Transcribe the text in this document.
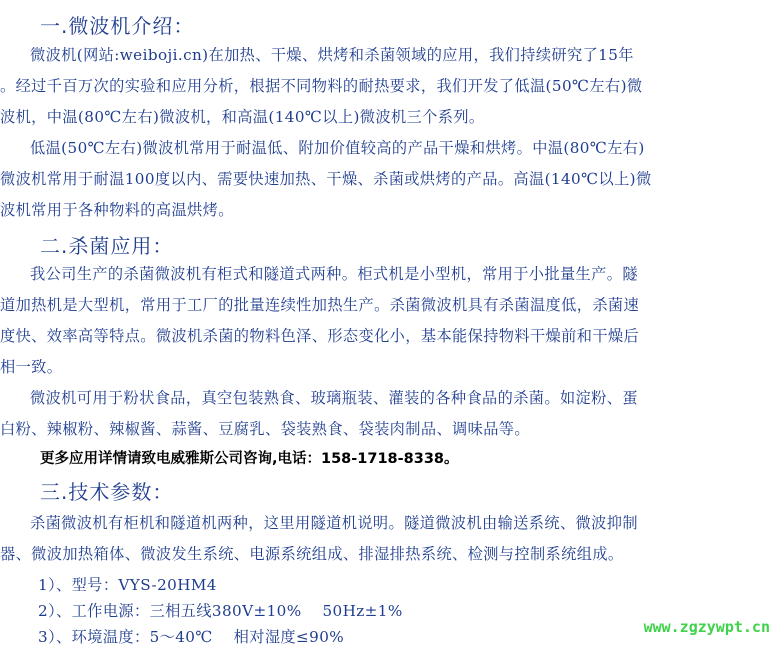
一.微波机介绍：
微波机(网站:weiboji.cn)在加热、干燥、烘烤和杀菌领域的应用，我们持续研究了15年
。经过千百万次的实验和应用分析，根据不同物料的耐热要求，我们开发了低温(50℃左右)微
波机，中温(80℃左右)微波机，和高温(140℃以上)微波机三个系列。
低温(50℃左右)微波机常用于耐温低、附加价值较高的产品干燥和烘烤。中温(80℃左右)
微波机常用于耐温100度以内、需要快速加热、干燥、杀菌或烘烤的产品。高温(140℃以上)微
波机常用于各种物料的高温烘烤。
二.杀菌应用：
我公司生产的杀菌微波机有柜式和隧道式两种。柜式机是小型机，常用于小批量生产。隧
道加热机是大型机，常用于工厂的批量连续性加热生产。杀菌微波机具有杀菌温度低，杀菌速
度快、效率高等特点。微波机杀菌的物料色泽、形态变化小，基本能保持物料干燥前和干燥后
相一致。
微波机可用于粉状食品，真空包装熟食、玻璃瓶装、灌装的各种食品的杀菌。如淀粉、蛋
白粉、辣椒粉、辣椒酱、蒜酱、豆腐乳、袋装熟食、袋装肉制品、调味品等。
更多应用详情请致电威雅斯公司咨询,电话：158-1718-8338。
三.技术参数：
杀菌微波机有柜机和隧道机两种，这里用隧道机说明。隧道微波机由输送系统、微波抑制
器、微波加热箱体、微波发生系统、电源系统组成、排湿排热系统、检测与控制系统组成。
1）、型号：VYS-20HM4
2）、工作电源：三相五线380V±10%    50Hz±1%
3）、环境温度：5～40℃    相对湿度≤90%
www.zgzywpt.cn
